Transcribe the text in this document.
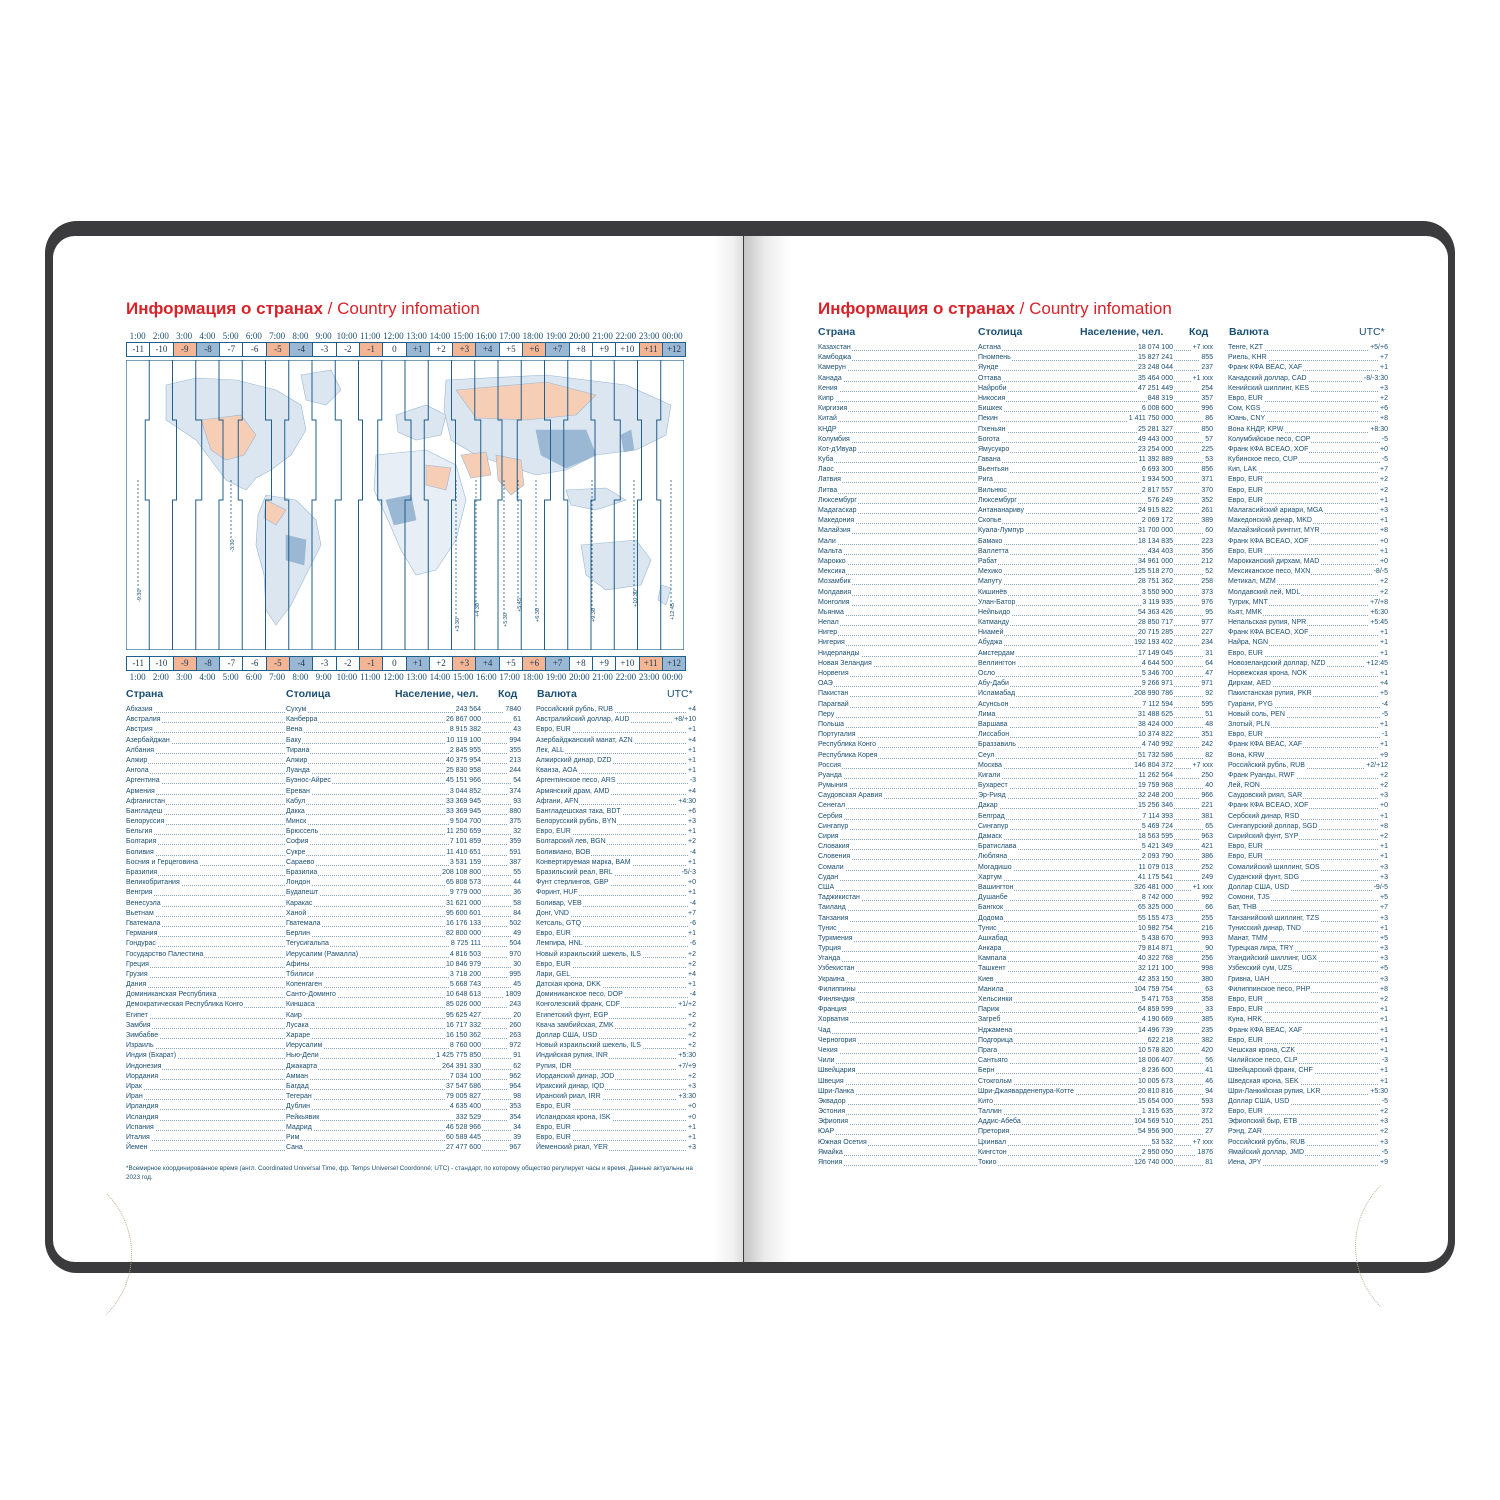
Информация о странах / Country infomation
1:00 2:00 3:00 4:00 5:00 6:00 7:00 8:00 9:00 10:00 11:00 12:00 13:00 14:00 15:00 16:00 17:00 18:00 19:00 20:00 21:00 22:00 23:00 00:00
-11	-10	-9	-8	-7	-6	-5	-4	-3	-2	-1	0	+1	+2	+3	+4	+5	+6	+7	+8	+9	+10	+11	+12
-9:30
-3:30
+3:30
+4:30
+5:30
+5:45
+6:30	+9:30
+10:30
+12:45
-11	-10	-9	-8	-7	-6	-5	-4	-3	-2	-1	0	+1	+2	+3	+4	+5	+6	+7	+8	+9	+10	+11	+12
1:00 2:00 3:00 4:00 5:00 6:00 7:00 8:00 9:00 10:00 11:00 12:00 13:00 14:00 15:00 16:00 17:00 18:00 19:00 20:00 21:00 22:00 23:00 00:00
Страна	Столица	Население, чел. Код Валюта	UTC*
Абхазия	Сухум	243 564	7840 Российский рубль, RUB	+4
Австралия	Канберра	26 867 000	61 Австралийский доллар, AUD	+8/+10
Австрия	Вена	8 915 382	43 Евро, EUR	+1
Азербайджан	Баку	10 119 100	994 Азербайджанский манат, AZN	+4
Албания	Тирана	2 845 955	355 Лек, ALL	+1
Алжир	Алжир	40 375 954	213 Алжирский динар, DZD	+1
Ангола	Луанда	25 830 958	244 Кванза, AOA	+1
Аргентина	Буэнос-Айрес	45 151 966	54 Аргентинское песо, ARS	-3
Армения	Ереван	3 044 852	374 Армянский драм, AMD	+4
Афганистан	Кабул	33 369 945	93 Афгани, AFN	+4:30
Бангладеш	Дакка	33 369 945	880 Бангладешская така, BDT	+6
Белоруссия	Минск	9 504 700	375 Белорусский рубль, BYN	+3
Бельгия	Брюссель	11 250 659	32 Евро, EUR	+1
Болгария	София	7 101 859	359 Болгарский лев, BGN	+2
Боливия	Сукре	11 410 651	591 Боливиано, BOB	-4
Босния и Герцеговина	Сараево	3 531 159	387 Конвертируемая марка, BAM	+1
Бразилия	Бразилиа	208 108 800	55 Бразильский реал, BRL	-5/-3
Великобритания	Лондон	65 808 573	44 Фунт стерлингов, GBP	+0
Венгрия	Будапешт	9 779 000	36 Форинт, HUF	+1
Венесуэла	Каракас	31 621 000	58 Боливар, VEB	-4
Вьетнам	Ханой	95 600 601	84 Донг, VND	+7
Гватемала	Гватемала	16 176 133	502 Кетсаль, GTQ	-6
Германия	Берлин	82 800 000	49 Евро, EUR	+1
Гондурас	Тегусигальпа	8 725 111	504 Лемпира, HNL	-6
Государство Палестина	Иерусалим (Рамалла)	4 816 503	970 Новый израильский шекель, ILS	+2
Греция	Афины	10 846 979	30 Евро, EUR	+2
Грузия	Тбилиси	3 718 200	995 Лари, GEL	+4
Дания	Копенгаген	5 668 743	45 Датская крона, DKK	+1
Доминиканская Республика	Санто-Доминго	10 648 613	1809 Доминиканское песо, DOP	-4
Демократическая Республика Конго	Киншаса	85 026 000	243 Конголезский франк, CDF	+1/+2
Египет	Каир	95 625 427	20 Египетский фунт, EGP	+2
Замбия	Лусака	16 717 332	260 Квача замбийская, ZMK	+2
Зимбабве	Хараре	16 150 362	263 Доллар США, USD	+2
Израиль	Иерусалим	8 760 000	972 Новый израильский шекель, ILS	+2
Индия (Бхарат)	Нью-Дели	1 425 775 850	91 Индийская рупия, INR	+5:30
Индонезия	Джакарта	264 391 330	62 Рупия, IDR	+7/+9
Иордания	Амман	7 034 100	962 Иорданский динар, JOD	+2
Ирак	Багдад	37 547 686	964 Иракский динар, IQD	+3
Иран	Тегеран	79 005 827	98 Иранский риал, IRR	+3:30
Ирландия	Дублин	4 635 400	353 Евро, EUR	+0
Исландия	Рейкьявик	332 529	354 Исландская крона, ISK	+0
Испания	Мадрид	46 528 966	34 Евро, EUR	+1
Италия	Рим	60 589 445	39 Евро, EUR	+1
Йемен	Сана	27 477 600	967 Йеменский риал, YER	+3
*Всемирное координированное время (англ. Coordinated Universal Time, фр. Temps Universel Coordonné; UTC) - стандарт, по которому общество регулирует часы и время. Данные актуальны на 2023 год.
Информация о странах / Country infomation
Страна	Столица	Население, чел. Код Валюта	UTC*
Казахстан	Астана	18 074 100	+7 xxx Тенге, KZT	+5/+6
Камбоджа	Пномпень	15 827 241	855 Риель, KHR	+7
Камерун	Яунде	23 248 044	237 Франк КФА BEAC, XAF	+1
Канада	Оттава	35 464 000	+1 xxx Канадский доллар, CAD	-8/-3:30
Кения	Найроби	47 251 449	254 Кенийский шиллинг, KES	+3
Кипр	Никосия	848 319	357 Евро, EUR	+2
Киргизия	Бишкек	6 008 600	996 Сом, KGS	+6
Китай	Пекин	1 411 750 000	86 Юань, CNY	+8
КНДР	Пхеньян	25 281 327	850 Вона КНДР, KPW	+8:30
Колумбия	Богота	49 443 000	57 Колумбийское песо, COP	-5
Кот-д'Ивуар	Ямусукро	23 254 000	225 Франк КФА BCEAO, XOF	+0
Куба	Гавана	11 392 889	53 Кубинское песо, CUP	-5
Лаос	Вьентьян	6 693 300	856 Кип, LAK	+7
Латвия	Рига	1 934 500	371 Евро, EUR	+2
Литва	Вильнюс	2 817 557	370 Евро, EUR	+2
Люксембург	Люксембург	576 249	352 Евро, EUR	+1
Мадагаскар	Антананариву	24 915 822	261 Малагасийский ариари, MGA	+3
Македония	Скопье	2 069 172	389 Македонский денар, MKD	+1
Малайзия	Куала-Лумпур	31 700 000	60 Малайзийский ринггит, MYR	+8
Мали	Бамако	18 134 835	223 Франк КФА BCEAO, XOF	+0
Мальта	Валлетта	434 403	356 Евро, EUR	+1
Марокко	Рабат	34 961 000	212 Марокканский дирхам, MAD	+0
Мексика	Мехико	125 518 270	52 Мексиканское песо, MXN	-8/-5
Мозамбик	Мапуту	28 751 362	258 Метикал, MZM	+2
Молдавия	Кишинёв	3 550 900	373 Молдавский лей, MDL	+2
Монголия	Улан-Батор	3 119 935	976 Тугрик, MNT	+7/+8
Мьянма	Нейпьидо	54 363 426	95 Кьят, MMK	+6:30
Непал	Катманду	28 850 717	977 Непальская рупия, NPR	+5:45
Нигер	Ниамей	20 715 285	227 Франк КФА BCEAO, XOF	+1
Нигерия	Абуджа	192 193 402	234 Найра, NGN	+1
Нидерланды	Амстердам	17 149 045	31 Евро, EUR	+1
Новая Зеландия	Веллингтон	4 644 500	64 Новозеландский доллар, NZD	+12:45
Норвегия	Осло	5 346 700	47 Норвежская крона, NOK	+1
ОАЭ	Абу-Даби	9 266 971	971 Дирхам, AED	+4
Пакистан	Исламабад	208 990 786	92 Пакистанская рупия, PKR	+5
Парагвай	Асунсьон	7 112 594	595 Гуарани, PYG	-4
Перу	Лима	31 488 625	51 Новый соль, PEN	-5
Польша	Варшава	38 424 000	48 Злотый, PLN	+1
Португалия	Лиссабон	10 374 822	351 Евро, EUR	-1
Республика Конго	Браззавиль	4 740 992	242 Франк КФА BEAC, XAF	+1
Республика Корея	Сеул	51 732 586	82 Вона, KRW	+9
Россия	Москва	146 804 372	+7 xxx Российский рубль, RUB	+2/+12
Руанда	Кигали	11 262 564	250 Франк Руанды, RWF	+2
Румыния	Бухарест	19 759 968	40 Лей, RON	+2
Саудовская Аравия	Эр-Рияд	32 248 200	966 Саудовский риял, SAR	+3
Сенегал	Дакар	15 256 346	221 Франк КФА BCEAO, XOF	+0
Сербия	Белград	7 114 393	381 Сербский динар, RSD	+1
Сингапур	Сингапур	5 469 724	65 Сингапурский доллар, SGD	+8
Сирия	Дамаск	18 563 595	963 Сирийский фунт, SYP	+2
Словакия	Братислава	5 421 349	421 Евро, EUR	+1
Словения	Любляна	2 093 790	386 Евро, EUR	+1
Сомали	Могадишо	11 079 013	252 Сомалийский шиллинг, SOS	+3
Судан	Хартум	41 175 541	249 Суданский фунт, SDG	+3
США	Вашингтон	326 481 000	+1 xxx Доллар США, USD	-9/-5
Таджикистан	Душанбе	8 742 000	992 Сомони, TJS	+5
Таиланд	Бангкок	65 325 000	66 Бат, THB	+7
Танзания	Додома	55 155 473	255 Танзанийский шиллинг, TZS	+3
Тунис	Тунис	10 982 754	216 Тунисский динар, TND	+1
Туркмения	Ашхабад	5 438 670	993 Манат, TMM	+5
Турция	Анкара	79 814 871	90 Турецкая лира, TRY	+3
Уганда	Кампала	40 322 768	256 Угандийский шиллинг, UGX	+3
Узбекистан	Ташкент	32 121 100	998 Узбекский сум, UZS	+5
Украина	Киев	42 353 150	380 Гривна, UAH	+3
Филиппины	Манила	104 759 754	63 Филиппинское песо, PHP	+8
Финляндия	Хельсинки	5 471 753	358 Евро, EUR	+2
Франция	Париж	64 859 599	33 Евро, EUR	+1
Хорватия	Загреб	4 190 669	385 Куна, HRK	+1
Чад	Нджамена	14 496 739	235 Франк КФА BEAC, XAF	+1
Черногория	Подгорица	622 218	382 Евро, EUR	+1
Чехия	Прага	10 578 820	420 Чешская крона, CZK	+1
Чили	Сантьяго	18 006 407	56 Чилийское песо, CLP	-3
Швейцария	Берн	8 236 600	41 Швейцарский франк, CHF	+1
Швеция	Стокгольм	10 005 673	46 Шведская крона, SEK	+1
Шри-Ланка	Шри-Джаяварденепура-Котте	20 810 816	94 Шри-Ланкийская рупия, LKR	+5:30
Эквадор	Кито	15 654 000	593 Доллар США, USD	-5
Эстония	Таллин	1 315 635	372 Евро, EUR	+2
Эфиопия	Аддис-Абеба	104 569 510	251 Эфиопский быр, ETB	+3
ЮАР	Претория	54 956 900	27 Рэнд, ZAR	+2
Южная Осетия	Цхинвал	53 532	+7 xxx Российский рубль, RUB	+3
Ямайка	Кингстон	2 950 050	1876 Ямайский доллар, JMD	-5
Япония	Токио	126 740 000	81 Иена, JPY	+9
